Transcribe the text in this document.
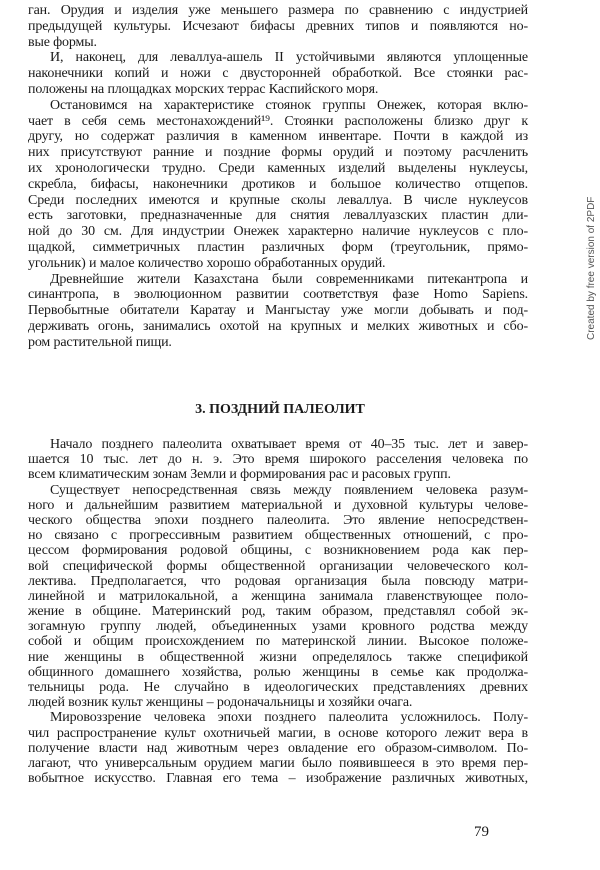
ган. Орудия и изделия уже меньшего размера по сравнению с индустрией
предыдущей культуры. Исчезают бифасы древних типов и появляются но-
вые формы.
И, наконец, для леваллуа-ашель II устойчивыми являются уплощенные
наконечники копий и ножи с двусторонней обработкой. Все стоянки рас-
положены на площадках морских террас Каспийского моря.
Остановимся на характеристике стоянок группы Онежек, которая вклю-
чает в себя семь местонахождений¹⁹. Стоянки расположены близко друг к
другу, но содержат различия в каменном инвентаре. Почти в каждой из
них присутствуют ранние и поздние формы орудий и поэтому расчленить
их хронологически трудно. Среди каменных изделий выделены нуклеусы,
скребла, бифасы, наконечники дротиков и большое количество отщепов.
Среди последних имеются и крупные сколы леваллуа. В числе нуклеусов
есть заготовки, предназначенные для снятия леваллуазских пластин дли-
ной до 30 см. Для индустрии Онежек характерно наличие нуклеусов с пло-
щадкой, симметричных пластин различных форм (треугольник, прямо-
угольник) и малое количество хорошо обработанных орудий.
Древнейшие жители Казахстана были современниками питекантропа и
синантропа, в эволюционном развитии соответствуя фазе Homo Sapiens.
Первобытные обитатели Каратау и Мангыстау уже могли добывать и под-
держивать огонь, занимались охотой на крупных и мелких животных и сбо-
ром растительной пищи.
3. ПОЗДНИЙ ПАЛЕОЛИТ
Начало позднего палеолита охватывает время от 40–35 тыс. лет и завер-
шается 10 тыс. лет до н. э. Это время широкого расселения человека по
всем климатическим зонам Земли и формирования рас и расовых групп.
Существует непосредственная связь между появлением человека разум-
ного и дальнейшим развитием материальной и духовной культуры челове-
ческого общества эпохи позднего палеолита. Это явление непосредствен-
но связано с прогрессивным развитием общественных отношений, с про-
цессом формирования родовой общины, с возникновением рода как пер-
вой специфической формы общественной организации человеческого кол-
лектива. Предполагается, что родовая организация была повсюду матри-
линейной и матрилокальной, а женщина занимала главенствующее поло-
жение в общине. Материнский род, таким образом, представлял собой эк-
зогамную группу людей, объединенных узами кровного родства между
собой и общим происхождением по материнской линии. Высокое положе-
ние женщины в общественной жизни определялось также спецификой
общинного домашнего хозяйства, ролью женщины в семье как продолжа-
тельницы рода. Не случайно в идеологических представлениях древних
людей возник культ женщины – родоначальницы и хозяйки очага.
Мировоззрение человека эпохи позднего палеолита усложнилось. Полу-
чил распространение культ охотничьей магии, в основе которого лежит вера в
получение власти над животным через овладение его образом-символом. По-
лагают, что универсальным орудием магии было появившееся в это время пер-
вобытное искусство. Главная его тема – изображение различных животных,
79
Created by free version of 2PDF
